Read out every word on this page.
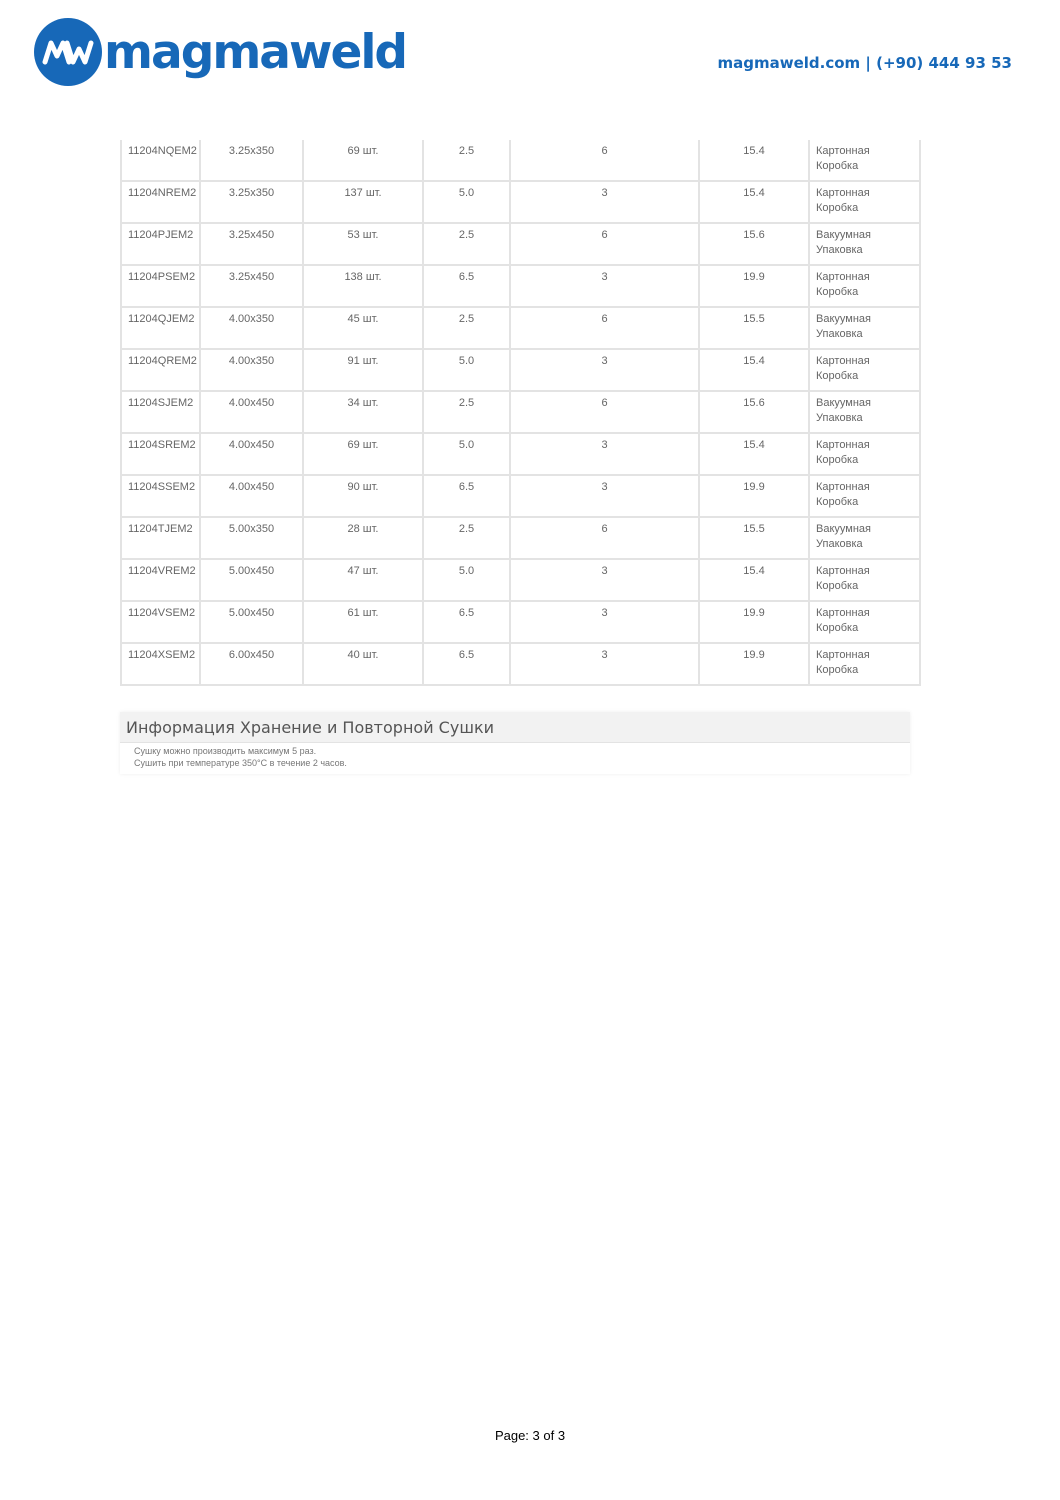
magmaweld	magmaweld.com | (+90) 444 93 53
11204NQEM2	3.25x350	69 шт.	2.5	6	15.4	Картонная Коробка
11204NREM2	3.25x350	137 шт.	5.0	3	15.4	Картонная Коробка
11204PJEM2	3.25x450	53 шт.	2.5	6	15.6	Вакуумная Упаковка
11204PSEM2	3.25x450	138 шт.	6.5	3	19.9	Картонная Коробка
11204QJEM2	4.00x350	45 шт.	2.5	6	15.5	Вакуумная Упаковка
11204QREM2	4.00x350	91 шт.	5.0	3	15.4	Картонная Коробка
11204SJEM2	4.00x450	34 шт.	2.5	6	15.6	Вакуумная Упаковка
11204SREM2	4.00x450	69 шт.	5.0	3	15.4	Картонная Коробка
11204SSEM2	4.00x450	90 шт.	6.5	3	19.9	Картонная Коробка
11204TJEM2	5.00x350	28 шт.	2.5	6	15.5	Вакуумная Упаковка
11204VREM2	5.00x450	47 шт.	5.0	3	15.4	Картонная Коробка
11204VSEM2	5.00x450	61 шт.	6.5	3	19.9	Картонная Коробка
11204XSEM2	6.00x450	40 шт.	6.5	3	19.9	Картонная Коробка
Информация Хранение и Повторной Сушки
Сушку можно производить максимум 5 раз.
Сушить при температуре 350°C в течение 2 часов.
Page: 3 of 3
